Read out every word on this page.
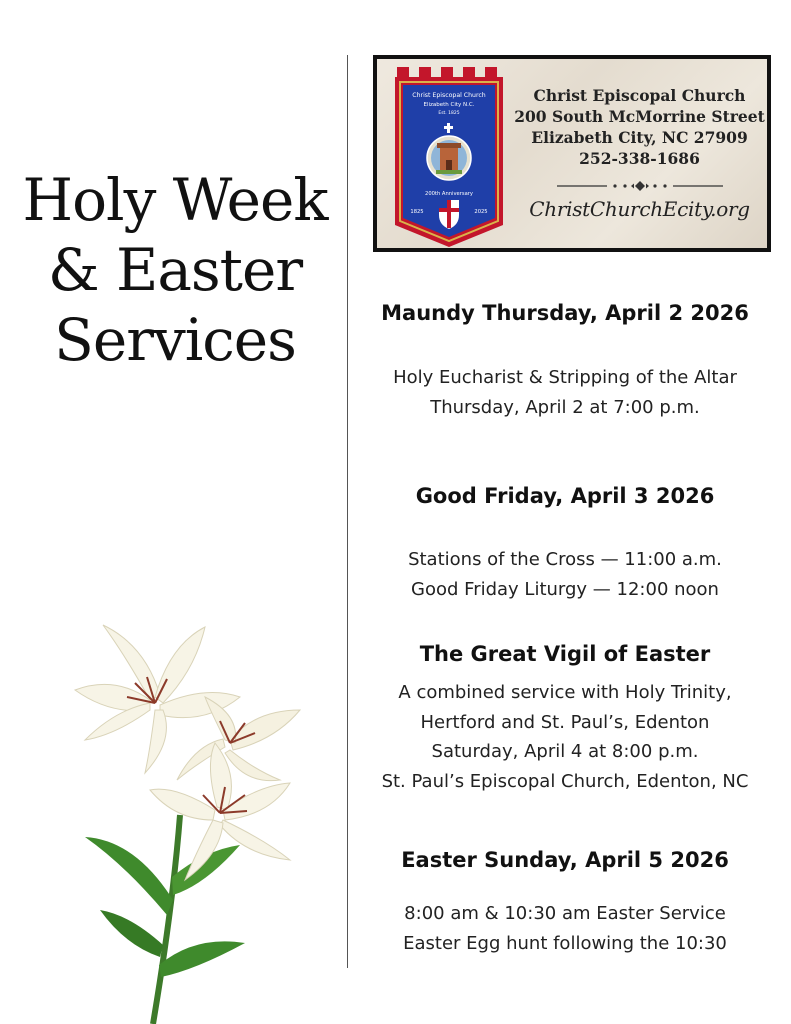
Holy Week
& Easter
Services
Christ Episcopal Church
Elizabeth City N.C.
Est. 1825
200th Anniversary
1825	2025
Christ Episcopal Church
200 South McMorrine Street
Elizabeth City, NC 27909
252-338-1686
ChristChurchEcity.org
Maundy Thursday, April 2 2026

Holy Eucharist & Stripping of the Altar

Thursday, April 2 at 7:00 p.m.

Good Friday, April 3 2026

Stations of the Cross — 11:00 a.m.

Good Friday Liturgy — 12:00 noon

The Great Vigil of Easter

A combined service with Holy Trinity,

Hertford and St. Paul’s, Edenton

Saturday, April 4 at 8:00 p.m.

St. Paul’s Episcopal Church, Edenton, NC

Easter Sunday, April 5 2026

8:00 am & 10:30 am Easter Service

Easter Egg hunt following the 10:30
